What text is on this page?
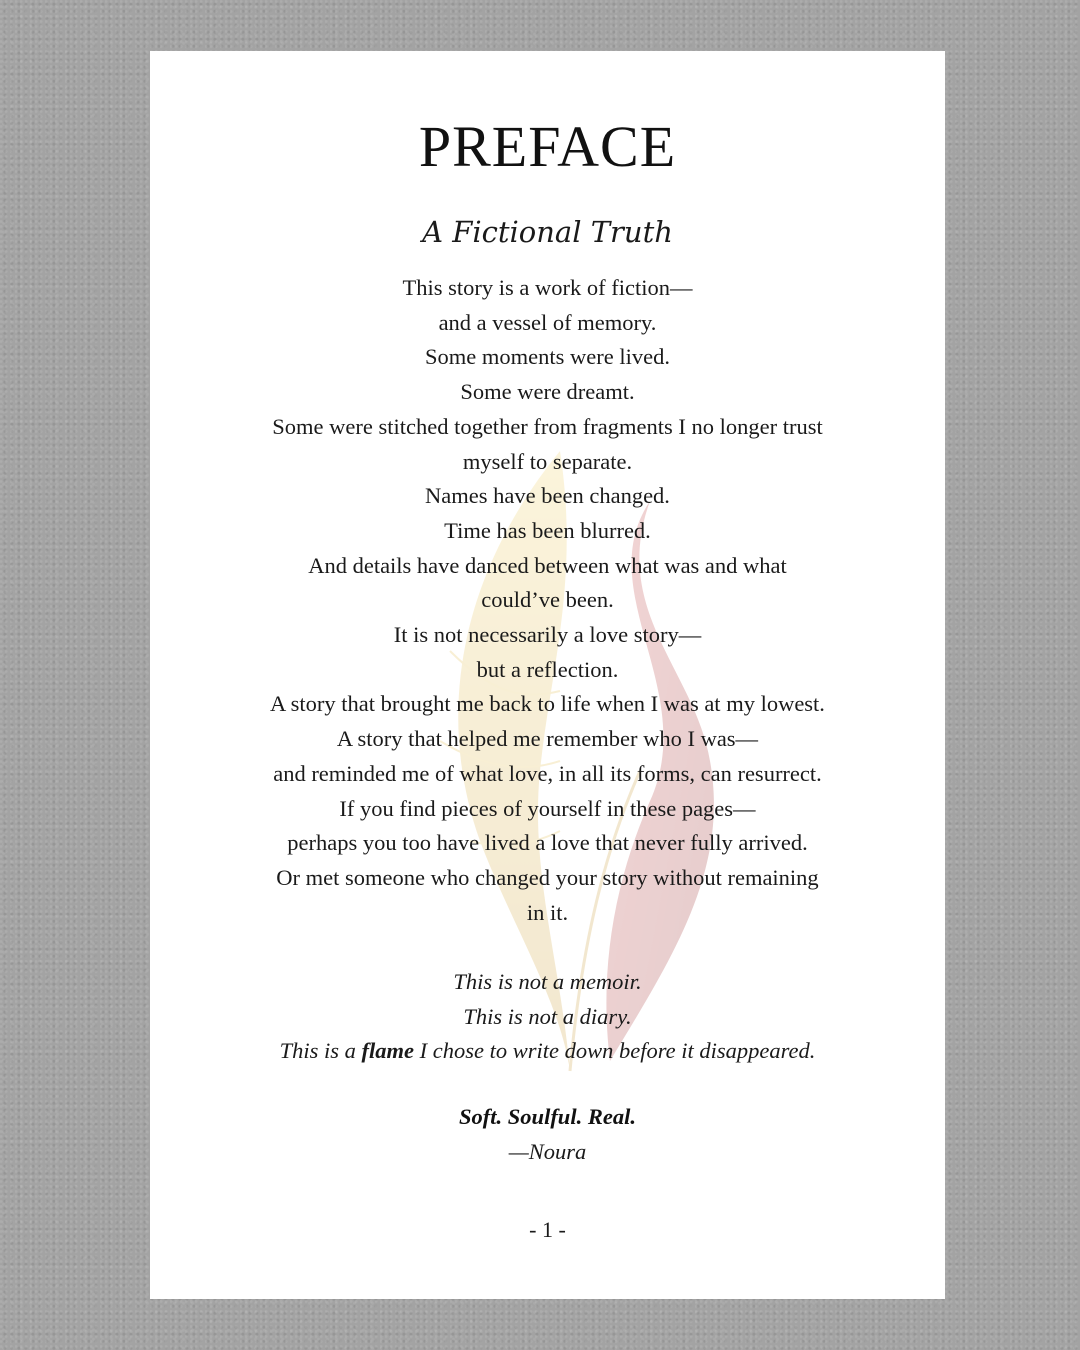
PREFACE
A Fictional Truth
This story is a work of fiction—
and a vessel of memory.
Some moments were lived.
Some were dreamt.
Some were stitched together from fragments I no longer trust
myself to separate.
Names have been changed.
Time has been blurred.
And details have danced between what was and what
could’ve been.
It is not necessarily a love story—
but a reflection.
A story that brought me back to life when I was at my lowest.
A story that helped me remember who I was—
and reminded me of what love, in all its forms, can resurrect.
If you find pieces of yourself in these pages—
perhaps you too have lived a love that never fully arrived.
Or met someone who changed your story without remaining
in it.
This is not a memoir.
This is not a diary.
This is a flame I chose to write down before it disappeared.
Soft. Soulful. Real.
—Noura
- 1 -
